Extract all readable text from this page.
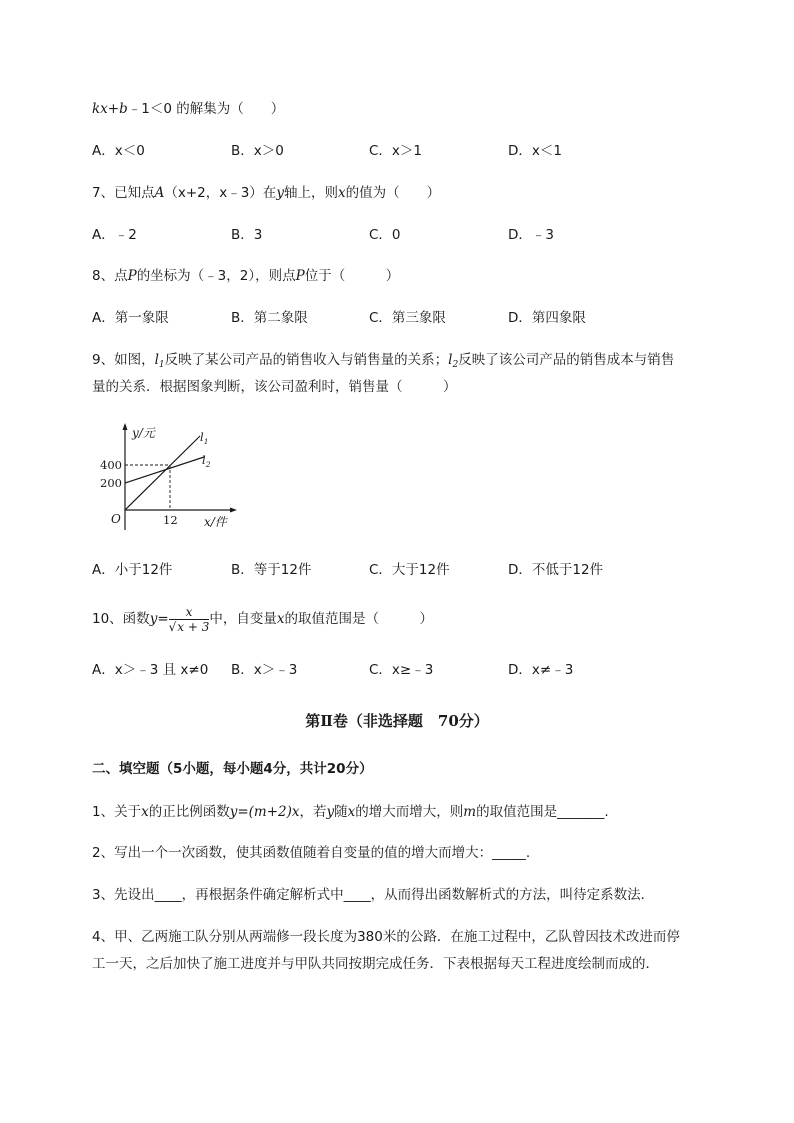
kx+b﹣1＜0 的解集为（　　）
A．x＜0	B．x＞0	C．x＞1	D．x＜1
7、已知点A（x+2，x﹣3）在y轴上，则x的值为（　　）
A．﹣2	B．3	C．0	D．﹣3
8、点P的坐标为（﹣3，2），则点P位于（　　　）
A．第一象限	B．第二象限	C．第三象限	D．第四象限
9、如图，$l_1$反映了某公司产品的销售收入与销售量的关系；$l_2$反映了该公司产品的销售成本与销售
量的关系．根据图象判断，该公司盈利时，销售量（　　　）
y/元
400
200
O	12 x/件
$l_1$
$l_2$
A．小于12件	B．等于12件	C．大于12件	D．不低于12件
10、函数$y= \frac{x}{√x + 3}$ 中，自变量x的取值范围是（　　　）
A．x＞﹣3 且 x≠0 B．x＞﹣3	C．x≥﹣3	D．x≠﹣3
第Ⅱ卷（非选择题　70分）
二、填空题（5小题，每小题4分，共计20分）
1、关于x的正比例函数y=(m+2)x，若y随x的增大而增大，则m的取值范围是_______.
2、写出一个一次函数，使其函数值随着自变量的值的增大而增大：_____.
3、先设出____，再根据条件确定解析式中____，从而得出函数解析式的方法，叫待定系数法．
4、甲、乙两施工队分别从两端修一段长度为380米的公路．在施工过程中，乙队曾因技术改进而停
工一天，之后加快了施工进度并与甲队共同按期完成任务．下表根据每天工程进度绘制而成的．
